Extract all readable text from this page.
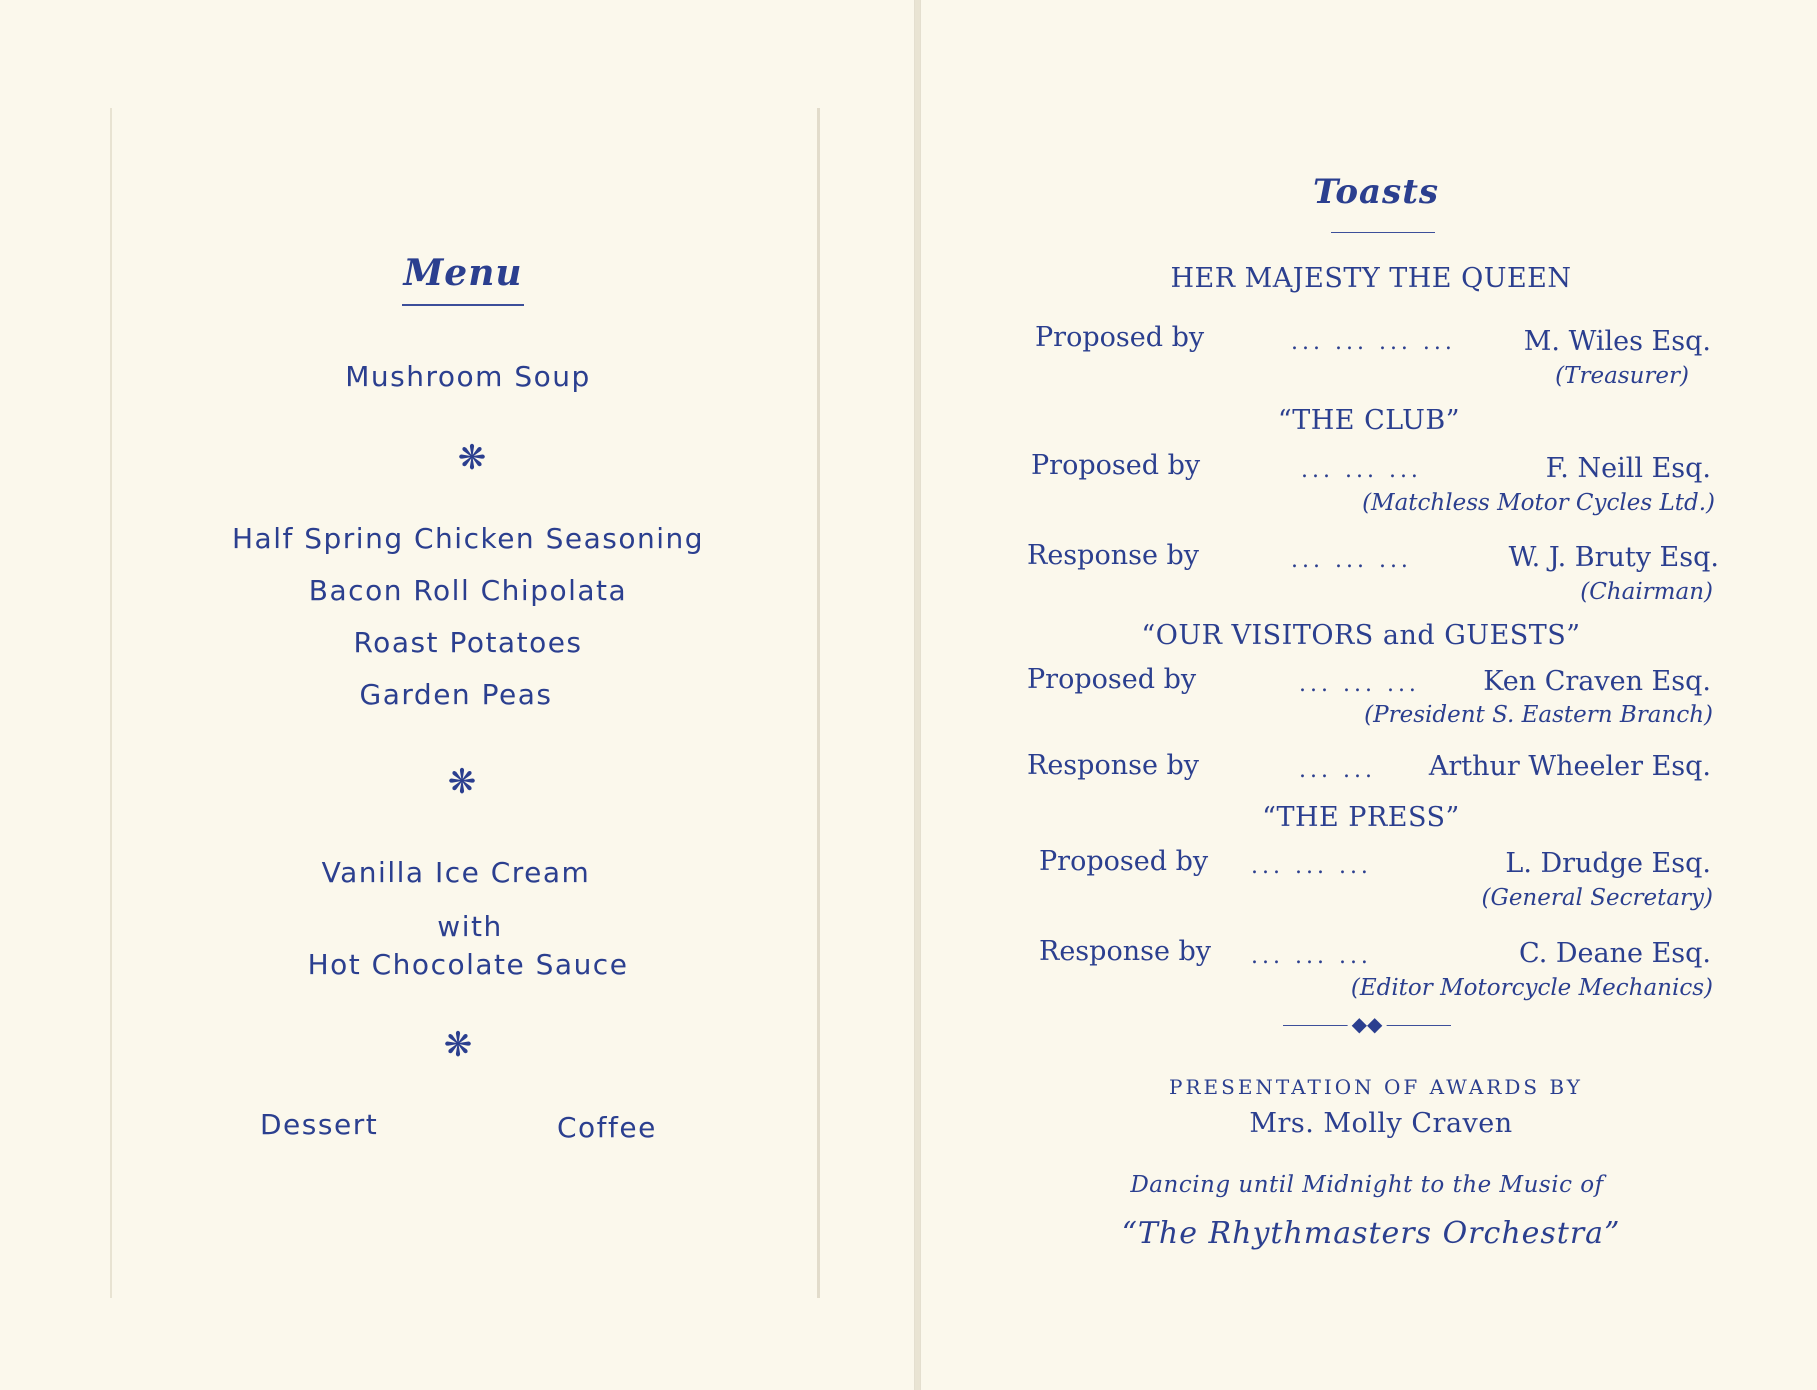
Menu
Mushroom Soup
❋
Half Spring Chicken Seasoning
Bacon Roll Chipolata
Roast Potatoes
Garden Peas
❋
Vanilla Ice Cream
with
Hot Chocolate Sauce
❋
Dessert	Coffee
Toasts
HER MAJESTY THE QUEEN
Proposed by	... ... ... ...	M. Wiles Esq.
(Treasurer)
“THE CLUB”
Proposed by	... ... ...	F. Neill Esq.
(Matchless Motor Cycles Ltd.)
Response by	... ... ...	W. J. Bruty Esq.
(Chairman)
“OUR VISITORS and GUESTS”
Proposed by	... ... ... Ken Craven Esq.
(President S. Eastern Branch)
Response by	... ... Arthur Wheeler Esq.
“THE PRESS”
Proposed by ... ... ...	L. Drudge Esq.
(General Secretary)
Response by ... ... ...	C. Deane Esq.
(Editor Motorcycle Mechanics)
◆◆
PRESENTATION OF AWARDS BY
Mrs. Molly Craven
Dancing until Midnight to the Music of
“The Rhythmasters Orchestra”
